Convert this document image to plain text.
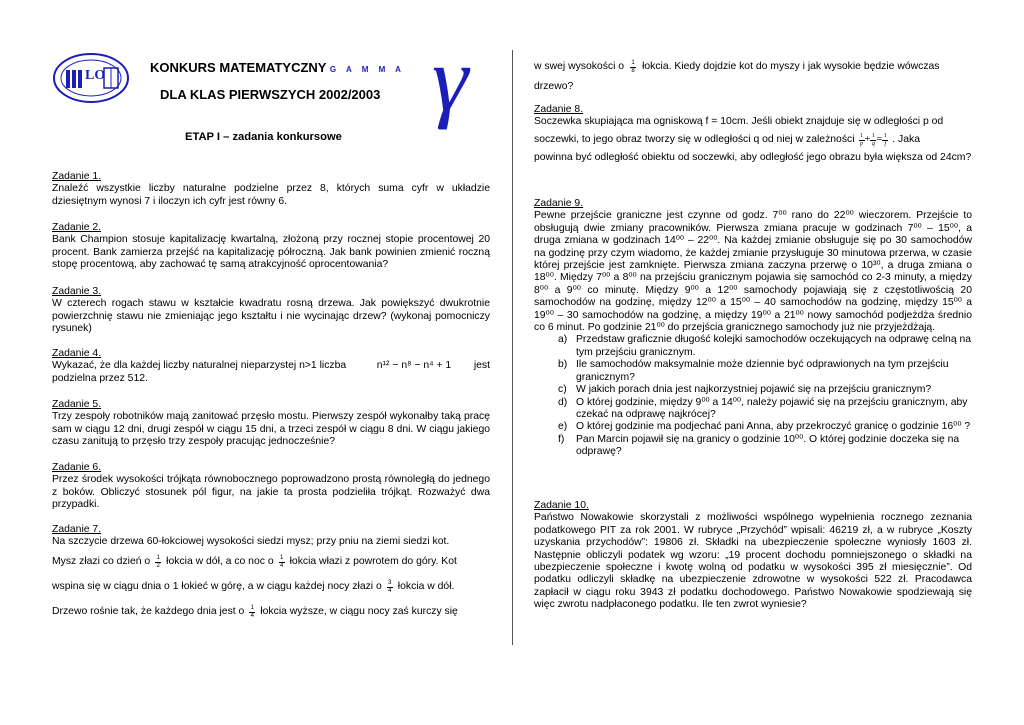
LO
KONKURS MATEMATYCZNY G A M M A
DLA KLAS PIERWSZYCH 2002/2003 γ
ETAP I – zadania konkursowe
Zadanie 1.

Znaleźć wszystkie liczby naturalne podzielne przez 8, których suma cyfr w układzie dziesiętnym wynosi 7 i iloczyn ich cyfr jest równy 6.

Zadanie 2.

Bank Champion stosuje kapitalizację kwartalną, złożoną przy rocznej stopie procentowej 20 procent. Bank zamierza przejść na kapitalizację półroczną. Jak bank powinien zmienić roczną stopę procentową, aby zachować tę samą atrakcyjność oprocentowania?

Zadanie 3.

W czterech rogach stawu w kształcie kwadratu rosną drzewa. Jak powiększyć dwukrotnie powierzchnię stawu nie zmieniając jego kształtu i nie wycinając drzew? (wykonaj pomocniczy rysunek)

Zadanie 4.
Wykazać, że dla każdej liczby naturalnej nieparzystej n>1 liczba	n¹² − n⁸ − n⁴ + 1 jest
podzielna przez 512.
Zadanie 5.

Trzy zespoły robotników mają zanitować przęsło mostu. Pierwszy zespół wykonałby taką pracę sam w ciągu 12 dni, drugi zespół w ciągu 15 dni, a trzeci zespół w ciągu 8 dni. W ciągu jakiego czasu zanitują to przęsło trzy zespoły pracując jednocześnie?

Zadanie 6.

Przez środek wysokości trójkąta równobocznego poprowadzono prostą równoległą do jednego z boków. Obliczyć stosunek pól figur, na jakie ta prosta podzieliła trójkąt. Rozważyć dwa przypadki.

Zadanie 7.

Na szczycie drzewa 60-łokciowej wysokości siedzi mysz; przy pniu na ziemi siedzi kot.

Mysz złazi co dzień o $\frac{1}{2}$ łokcia w dół, a co noc o $\frac{1}{4}$ łokcia włazi z powrotem do góry. Kot
wspina się w ciągu dnia o 1 łokieć w górę, a w ciągu każdej nocy złazi o $\frac{3}{4}$ łokcia w dół.
Drzewo rośnie tak, że każdego dnia jest o $\frac{1}{4}$ łokcia wyższe, w ciągu nocy zaś kurczy się
w swej wysokości o $\frac{1}{8}$ łokcia. Kiedy dojdzie kot do myszy i jak wysokie będzie wówczas
drzewo?
Zadanie 8.

Soczewka skupiająca ma ogniskową f = 10cm. Jeśli obiekt znajduje się w odległości p od

soczewki, to jego obraz tworzy się w odległości q od niej w zależności $\frac{1}{p} + \frac{1}{q} = \frac{1}{f}$ . Jaka

powinna być odległość obiektu od soczewki, aby odległość jego obrazu była większa od 24cm?

Zadanie 9.

Pewne przejście graniczne jest czynne od godz. 7⁰⁰ rano do 22⁰⁰ wieczorem. Przejście to obsługują dwie zmiany pracowników. Pierwsza zmiana pracuje w godzinach 7⁰⁰ – 15⁰⁰, a druga zmiana w godzinach 14⁰⁰ – 22⁰⁰. Na każdej zmianie obsługuje się po 30 samochodów na godzinę przy czym wiadomo, że każdej zmianie przysługuje 30 minutowa przerwa, w czasie której przejście jest zamknięte. Pierwsza zmiana zaczyna przerwę o 10³⁰, a druga zmiana o 18⁰⁰. Między 7⁰⁰ a 8⁰⁰ na przejściu granicznym pojawia się samochód co 2-3 minuty, a między 8⁰⁰ a 9⁰⁰ co minutę. Między 9⁰⁰ a 12⁰⁰ samochody pojawiają się z częstotliwością 20 samochodów na godzinę, między 12⁰⁰ a 15⁰⁰ – 40 samochodów na godzinę, między 15⁰⁰ a 19⁰⁰ – 30 samochodów na godzinę, a między 19⁰⁰ a 21⁰⁰ nowy samochód podjeżdża średnio co 6 minut. Po godzinie 21⁰⁰ do przejścia granicznego samochody już nie przyjeżdżają.

a) Przedstaw graficznie długość kolejki samochodów oczekujących na odprawę celną na tym przejściu granicznym.
b) Ile samochodów maksymalnie może dziennie być odprawionych na tym przejściu granicznym?
c) W jakich porach dnia jest najkorzystniej pojawić się na przejściu granicznym?
d) O której godzinie, między 9⁰⁰ a 14⁰⁰, należy pojawić się na przejściu granicznym, aby czekać na odprawę najkrócej?
e) O której godzinie ma podjechać pani Anna, aby przekroczyć granicę o godzinie 16⁰⁰ ?
f) Pan Marcin pojawił się na granicy o godzinie 10⁰⁰. O której godzinie doczeka się na odprawę?
Zadanie 10.

Państwo Nowakowie skorzystali z możliwości wspólnego wypełnienia rocznego zeznania podatkowego PIT za rok 2001. W rubryce „Przychód” wpisali: 46219 zł, a w rubryce „Koszty uzyskania przychodów”: 19806 zł. Składki na ubezpieczenie społeczne wyniosły 1603 zł. Następnie obliczyli podatek wg wzoru: „19 procent dochodu pomniejszonego o składki na ubezpieczenie społeczne i kwotę wolną od podatku w wysokości 395 zł miesięcznie”. Od podatku odliczyli składkę na ubezpieczenie zdrowotne w wysokości 522 zł. Pracodawca zapłacił w ciągu roku 3943 zł podatku dochodowego. Państwo Nowakowie spodziewają się więc zwrotu nadpłaconego podatku. Ile ten zwrot wyniesie?
